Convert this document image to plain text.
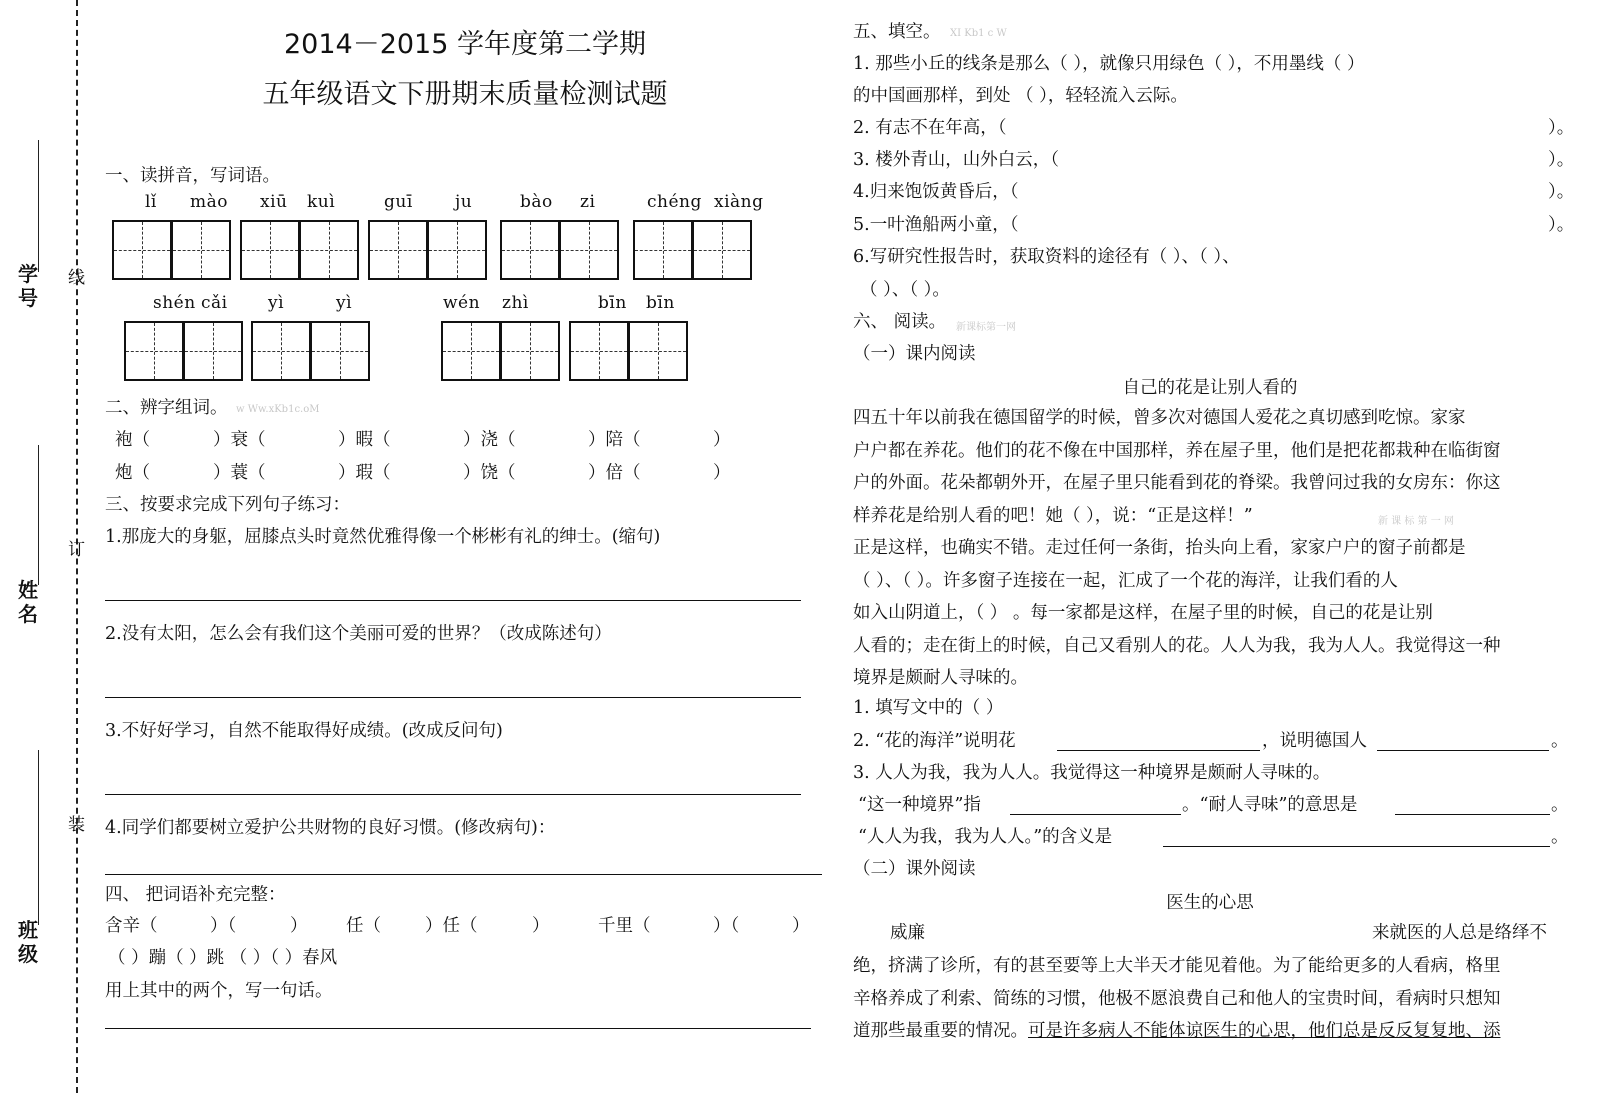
学号
姓名
班级
线
订
装
2014－2015 学年度第二学期
五年级语文下册期末质量检测试题
一、读拼音，写词语。
lǐ mào xiū kuì	guī ju	bào zi	chéng xiàng
shén cǎi yì	yì	wén zhì	bīn bīn
二、辨字组词。 w Ww.xKb1c.oM
袍（	）衰（	）暇（	）浇（	）陪（	）
炮（	）蓑（	）瑕（	）饶（	）倍（	）
三、按要求完成下列句子练习：
1.那庞大的身躯，屈膝点头时竟然优雅得像一个彬彬有礼的绅士。(缩句)
2.没有太阳，怎么会有我们这个美丽可爱的世界？（改成陈述句）
3.不好好学习，自然不能取得好成绩。(改成反问句)
4.同学们都要树立爱护公共财物的良好习惯。(修改病句)：
四、 把词语补充完整：
含辛（	）（	） 任（	）任（	）	千里（	）（	）
（ ）蹦（ ）跳 （ ）（ ）春风
用上其中的两个，写一句话。
五、填空。 XI Kb1 c W
1. 那些小丘的线条是那么（ ），就像只用绿色（ ），不用墨线（ ）
的中国画那样，到处 （ ），轻轻流入云际。
2. 有志不在年高，（	）。
3. 楼外青山，山外白云，（	）。
4.归来饱饭黄昏后，（	）。
5.一叶渔船两小童，（	）。
6.写研究性报告时，获取资料的途径有（ ）、（ ）、
（ ）、（ ）。
六、 阅读。 新课标第一网
（一）课内阅读
自己的花是让别人看的
四五十年以前我在德国留学的时候，曾多次对德国人爱花之真切感到吃惊。家家
户户都在养花。他们的花不像在中国那样，养在屋子里，他们是把花都栽种在临街窗
户的外面。花朵都朝外开，在屋子里只能看到花的脊梁。我曾问过我的女房东：你这
样养花是给别人看的吧！她（ ），说：“正是这样！”
正是这样，也确实不错。走过任何一条街，抬头向上看，家家户户的窗子前都是
（ ）、（ ）。许多窗子连接在一起，汇成了一个花的海洋，让我们看的人
如入山阴道上，（ ） 。每一家都是这样，在屋子里的时候，自己的花是让别
人看的；走在街上的时候，自己又看别人的花。人人为我，我为人人。我觉得这一种
境界是颇耐人寻味的。
新 课 标 第 一 网
1. 填写文中的（ ）
2. “花的海洋”说明花	，说明德国人	。
3. 人人为我，我为人人。我觉得这一种境界是颇耐人寻味的。
“这一种境界”指	。“耐人寻味”的意思是	。
“人人为我，我为人人。”的含义是	。
（二）课外阅读
医生的心思
威廉	来就医的人总是络绎不
绝，挤满了诊所，有的甚至要等上大半天才能见着他。为了能给更多的人看病，格里
辛格养成了利索、简练的习惯，他极不愿浪费自己和他人的宝贵时间，看病时只想知
道那些最重要的情况。可是许多病人不能体谅医生的心思，他们总是反反复复地、添
